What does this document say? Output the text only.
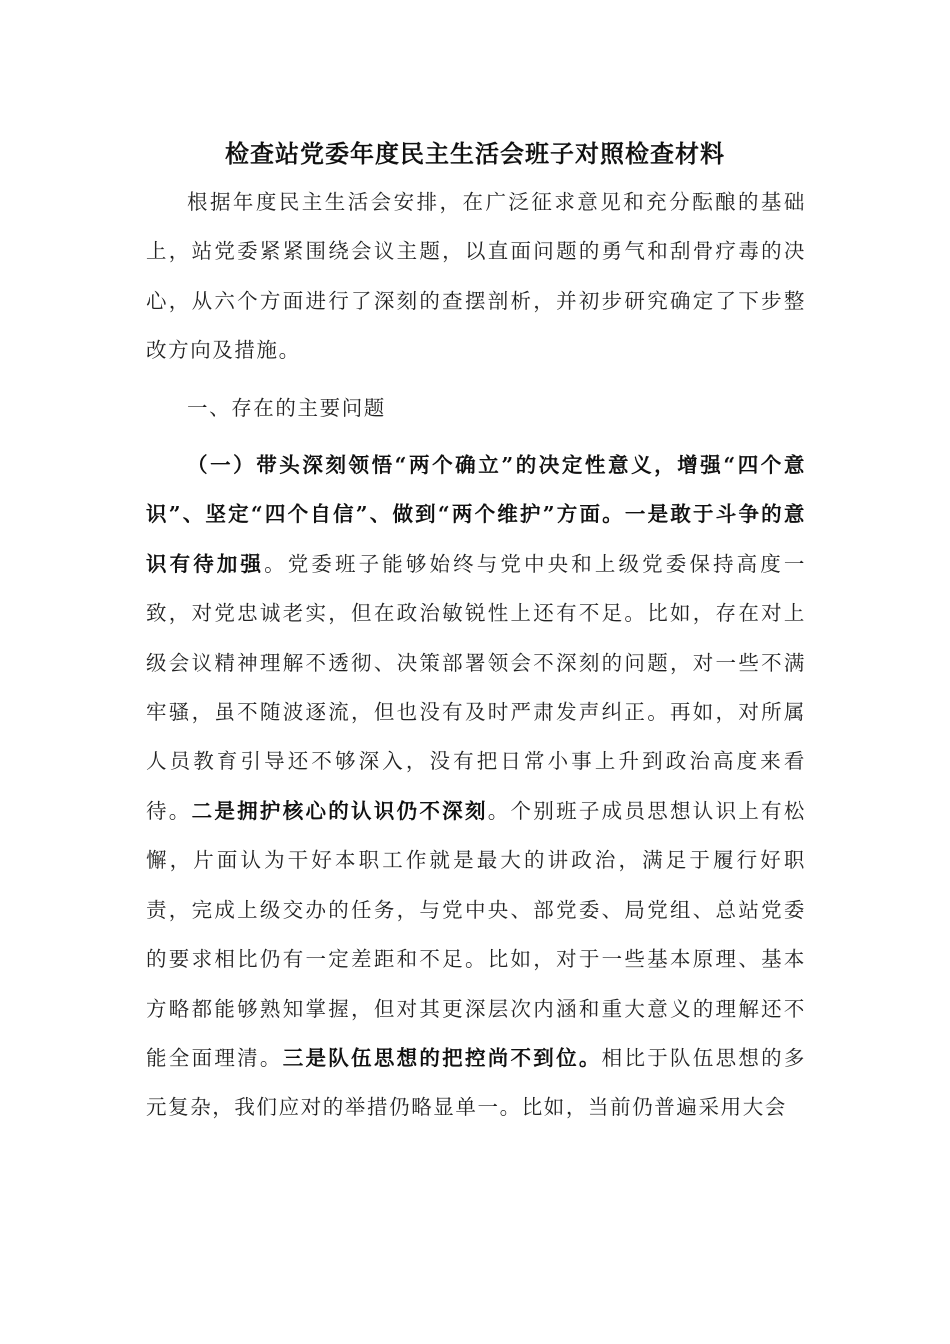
检查站党委年度民主生活会班子对照检查材料

根据年度民主生活会安排，在广泛征求意见和充分酝酿的基础上，站党委紧紧围绕会议主题，以直面问题的勇气和刮骨疗毒的决心，从六个方面进行了深刻的查摆剖析，并初步研究确定了下步整改方向及措施。

一、存在的主要问题

（一）带头深刻领悟“两个确立”的决定性意义，增强“四个意识”、坚定“四个自信”、做到“两个维护”方面。一是敢于斗争的意识有待加强。党委班子能够始终与党中央和上级党委保持高度一致，对党忠诚老实，但在政治敏锐性上还有不足。比如，存在对上级会议精神理解不透彻、决策部署领会不深刻的问题，对一些不满牢骚，虽不随波逐流，但也没有及时严肃发声纠正。再如，对所属人员教育引导还不够深入，没有把日常小事上升到政治高度来看待。二是拥护核心的认识仍不深刻。个别班子成员思想认识上有松懈，片面认为干好本职工作就是最大的讲政治，满足于履行好职责，完成上级交办的任务，与党中央、部党委、局党组、总站党委的要求相比仍有一定差距和不足。比如，对于一些基本原理、基本方略都能够熟知掌握，但对其更深层次内涵和重大意义的理解还不能全面理清。三是队伍思想的把控尚不到位。相比于队伍思想的多元复杂，我们应对的举措仍略显单一。比如，当前仍普遍采用大会
